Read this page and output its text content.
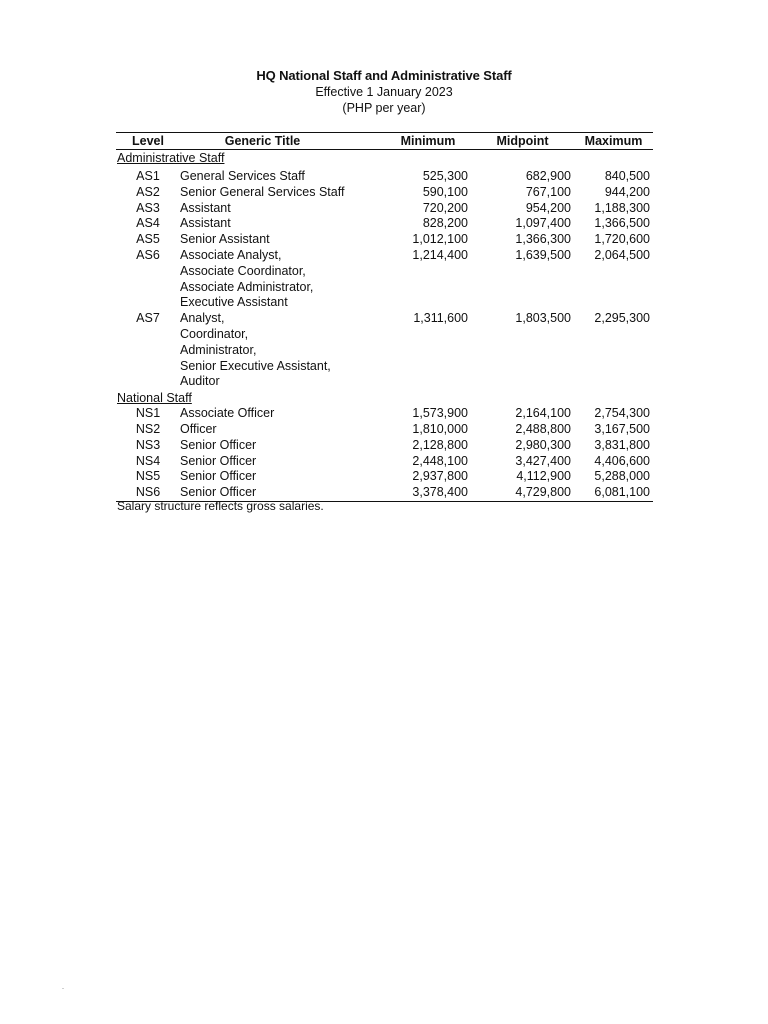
HQ National Staff and Administrative Staff
Effective 1 January 2023
(PHP per year)
Level	Generic Title	Minimum	Midpoint	Maximum
Administrative Staff				
AS1	General Services Staff	525,300	682,900	840,500
AS2	Senior General Services Staff	590,100	767,100	944,200
AS3	Assistant	720,200	954,200	1,188,300
AS4	Assistant	828,200	1,097,400	1,366,500
AS5	Senior Assistant	1,012,100	1,366,300	1,720,600
AS6	Associate Analyst,
Associate Coordinator,
Associate Administrator,
Executive Assistant	1,214,400	1,639,500	2,064,500
AS7	Analyst,
Coordinator,
Administrator,
Senior Executive Assistant,
Auditor	1,311,600	1,803,500	2,295,300
National Staff				
NS1	Associate Officer	1,573,900	2,164,100	2,754,300
NS2	Officer	1,810,000	2,488,800	3,167,500
NS3	Senior Officer	2,128,800	2,980,300	3,831,800
NS4	Senior Officer	2,448,100	3,427,400	4,406,600
NS5	Senior Officer	2,937,800	4,112,900	5,288,000
NS6	Senior Officer	3,378,400	4,729,800	6,081,100
Salary structure reflects gross salaries.
